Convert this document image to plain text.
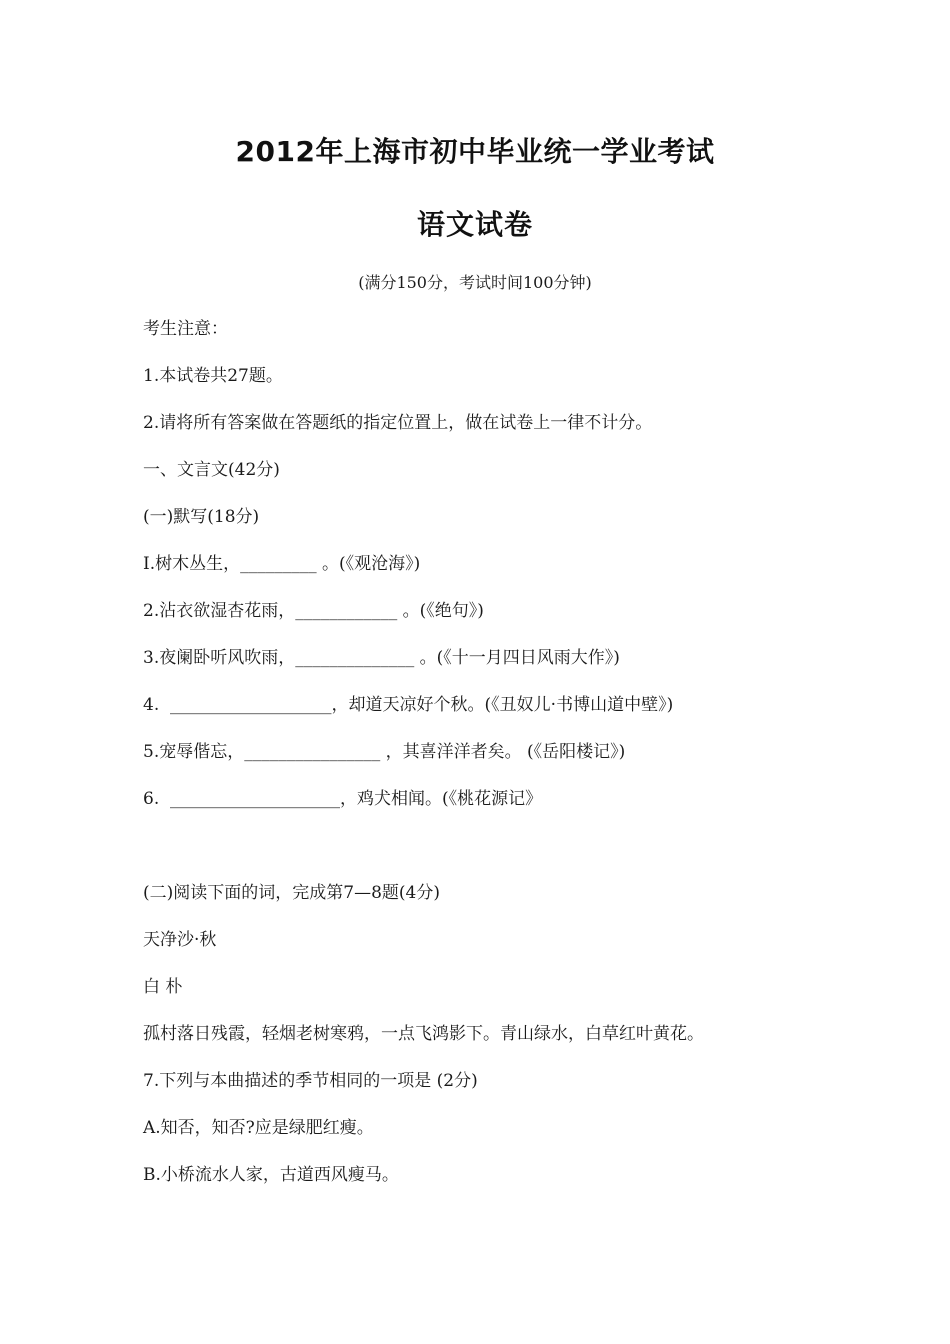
2012年上海市初中毕业统一学业考试
语文试卷
(满分150分，考试时间100分钟)
考生注意：
1.本试卷共27题。
2.请将所有答案做在答题纸的指定位置上，做在试卷上一律不计分。
一、文言文(42分)
(一)默写(18分)
I.树木丛生，_________ 。(《观沧海》)
2.沾衣欲湿杏花雨，____________ 。(《绝句》)
3.夜阑卧听风吹雨，______________ 。(《十一月四日风雨大作》)
4.  ___________________，却道天凉好个秋。(《丑奴儿·书博山道中壁》)
5.宠辱偕忘，________________ ，其喜洋洋者矣。 (《岳阳楼记》)
6.  ____________________，鸡犬相闻。(《桃花源记》
(二)阅读下面的词，完成第7—8题(4分)
天净沙·秋
白 朴
孤村落日残霞，轻烟老树寒鸦，一点飞鸿影下。青山绿水，白草红叶黄花。
7.下列与本曲描述的季节相同的一项是 (2分)
A.知否，知否?应是绿肥红瘦。
B.小桥流水人家，古道西风瘦马。
